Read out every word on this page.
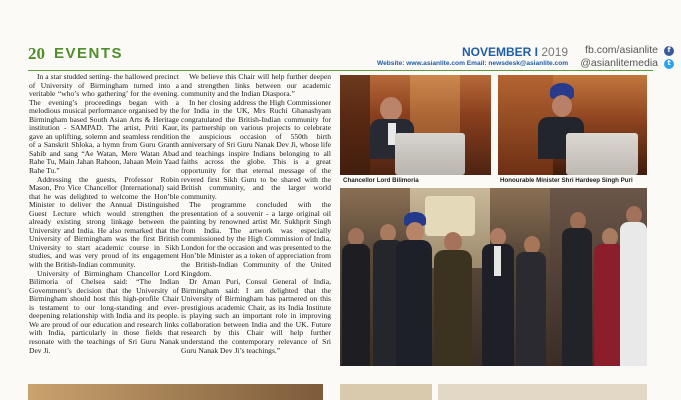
20 EVENTS	NOVEMBER I 2019
Website: www.asianlite.com Email: newsdesk@asianlite.com
fb.com/asianlite	f
@asianlitemedia	t

In a star studded setting- the hallowed precinct of University of Birmingham turned into a veritable “who’s who gathering’ for the evening. The evening’s proceedings began with a melodious musical performance organised by the Birmingham based South Asian Arts & Heritage institution - SAMPAD. The artist, Priti Kaur, gave an uplifting, solemn and seamless rendition of a Sanskrit Shloka, a hymn from Guru Granth Sahib and sang “Ae Watan, Mere Watan Abad Rahe Tu, Main Jahan Rahoon, Jahaan Mein Yaad Rahe Tu.”

Addressing the guests, Professor Robin Mason, Pro Vice Chancellor (International) said that he was delighted to welcome the Hon’ble Minister to deliver the Annual Distinguished Guest Lecture which would strengthen the already existing strong linkage between the University and India. He also remarked that the University of Birmingham was the first British University to start academic course in Sikh studies, and was very proud of its engagement with the British-Indian community.

University of Birmingham Chancellor Lord Bilimoria of Chelsea said: “The Indian Government’s decision that the University of Birmingham should host this high-profile Chair is testament to our long-standing and ever-deepening relationship with India and its people. We are proud of our education and research links with India, particularly in those fields that resonate with the teachings of Sri Guru Nanak Dev Ji.

We believe this Chair will help further deepen and strengthen links between our academic community and the Indian Diaspora.”

In her closing address the High Commissioner for India in the UK, Mrs Ruchi Ghanashyam congratulated the British-Indian community for its partnership on various projects to celebrate the auspicious occasion of 550th birth anniversary of Sri Guru Nanak Dev Ji, whose life and teachings inspire Indians belonging to all faiths across the globe. This is a great opportunity for that eternal message of the revered first Sikh Guru to be shared with the British community, and the larger world community.

The programme concluded with the presentation of a souvenir - a large original oil painting by renowned artist Mr. Sukhprit Singh from India. The artwork was especially commissioned by the High Commission of India, London for the occasion and was presented to the Hon’ble Minister as a token of appreciation from the British-Indian Community of the United Kingdom.

Dr Aman Puri, Consul General of India, Birmingham said: I am delighted that the University of Birmingham has partnered on this prestigious academic Chair, as its India Institute is playing such an important role in improving collaboration between India and the UK. Future research by this Chair will help further understand the contemporary relevance of Sri Guru Nanak Dev Ji’s teachings.”

Chancellor Lord Bilimoria	Honourable Minister Shri Hardeep Singh Puri
